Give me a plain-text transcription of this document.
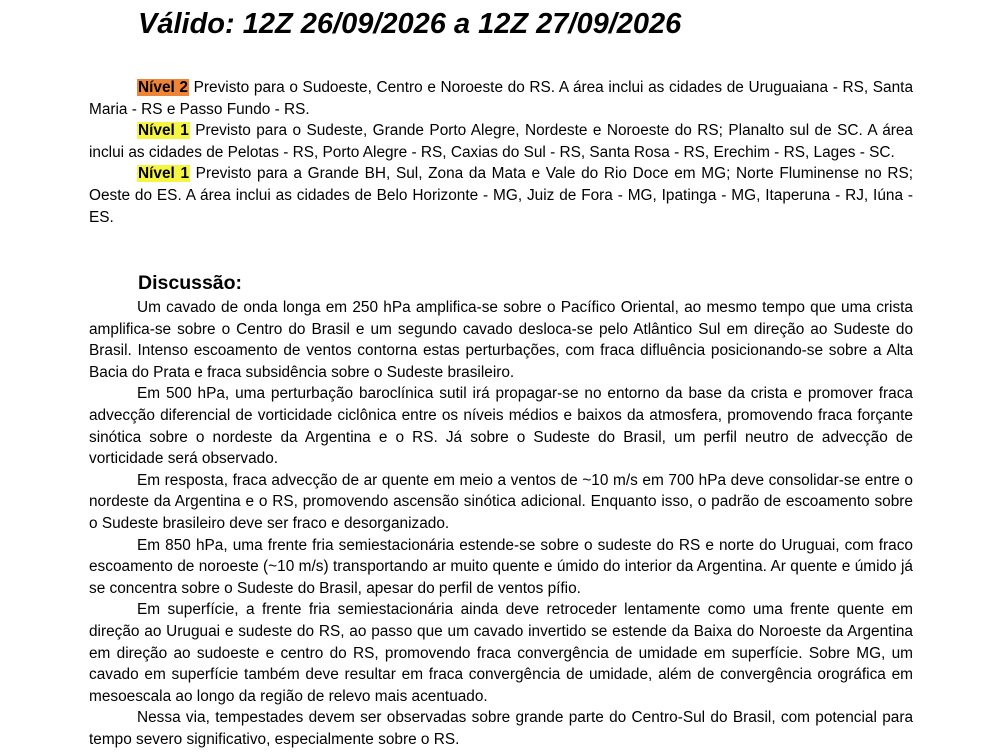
Válido: 12Z 26/09/2026 a 12Z 27/09/2026

Nível 2 Previsto para o Sudoeste, Centro e Noroeste do RS. A área inclui as cidades de Uruguaiana - RS, Santa Maria - RS e Passo Fundo - RS.

Nível 1 Previsto para o Sudeste, Grande Porto Alegre, Nordeste e Noroeste do RS; Planalto sul de SC. A área inclui as cidades de Pelotas - RS, Porto Alegre - RS, Caxias do Sul - RS, Santa Rosa - RS, Erechim - RS, Lages - SC.

Nível 1 Previsto para a Grande BH, Sul, Zona da Mata e Vale do Rio Doce em MG; Norte Fluminense no RS; Oeste do ES. A área inclui as cidades de Belo Horizonte - MG, Juiz de Fora - MG, Ipatinga - MG, Itaperuna - RJ, Iúna - ES.

Discussão:

Um cavado de onda longa em 250 hPa amplifica-se sobre o Pacífico Oriental, ao mesmo tempo que uma crista amplifica-se sobre o Centro do Brasil e um segundo cavado desloca-se pelo Atlântico Sul em direção ao Sudeste do Brasil. Intenso escoamento de ventos contorna estas perturbações, com fraca difluência posicionando-se sobre a Alta Bacia do Prata e fraca subsidência sobre o Sudeste brasileiro.

Em 500 hPa, uma perturbação baroclínica sutil irá propagar-se no entorno da base da crista e promover fraca advecção diferencial de vorticidade ciclônica entre os níveis médios e baixos da atmosfera, promovendo fraca forçante sinótica sobre o nordeste da Argentina e o RS. Já sobre o Sudeste do Brasil, um perfil neutro de advecção de vorticidade será observado.

Em resposta, fraca advecção de ar quente em meio a ventos de ~10 m/s em 700 hPa deve consolidar-se entre o nordeste da Argentina e o RS, promovendo ascensão sinótica adicional. Enquanto isso, o padrão de escoamento sobre o Sudeste brasileiro deve ser fraco e desorganizado.

Em 850 hPa, uma frente fria semiestacionária estende-se sobre o sudeste do RS e norte do Uruguai, com fraco escoamento de noroeste (~10 m/s) transportando ar muito quente e úmido do interior da Argentina. Ar quente e úmido já se concentra sobre o Sudeste do Brasil, apesar do perfil de ventos pífio.

Em superfície, a frente fria semiestacionária ainda deve retroceder lentamente como uma frente quente em direção ao Uruguai e sudeste do RS, ao passo que um cavado invertido se estende da Baixa do Noroeste da Argentina em direção ao sudoeste e centro do RS, promovendo fraca convergência de umidade em superfície. Sobre MG, um cavado em superfície também deve resultar em fraca convergência de umidade, além de convergência orográfica em mesoescala ao longo da região de relevo mais acentuado.

Nessa via, tempestades devem ser observadas sobre grande parte do Centro-Sul do Brasil, com potencial para tempo severo significativo, especialmente sobre o RS.
